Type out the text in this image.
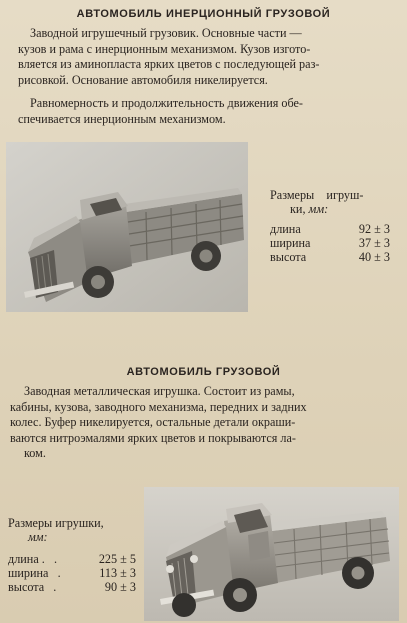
АВТОМОБИЛЬ ИНЕРЦИОННЫЙ ГРУЗОВОЙ
Заводной игрушечный грузовик. Основные части —
кузов и рама с инерционным механизмом. Кузов изгото-
вляется из аминопласта ярких цветов с последующей раз-
рисовкой. Основание автомобиля никелируется.
Равномерность и продолжительность движения обе-
спечивается инерционным механизмом.
Размеры    игруш-
ки, мм:
длина	92 ± 3
ширина	37 ± 3
высота	40 ± 3
АВТОМОБИЛЬ ГРУЗОВОЙ
Заводная металлическая игрушка. Состоит из рамы,
кабины, кузова, заводного механизма, передних и задних
колес. Буфер никелируется, остальные детали окраши-
ваются нитроэмалями ярких цветов и покрываются ла-
ком.
Размеры игрушки,
мм:
длина .   .	225 ± 5
ширина   .	113 ± 3
высота   .	90 ± 3
